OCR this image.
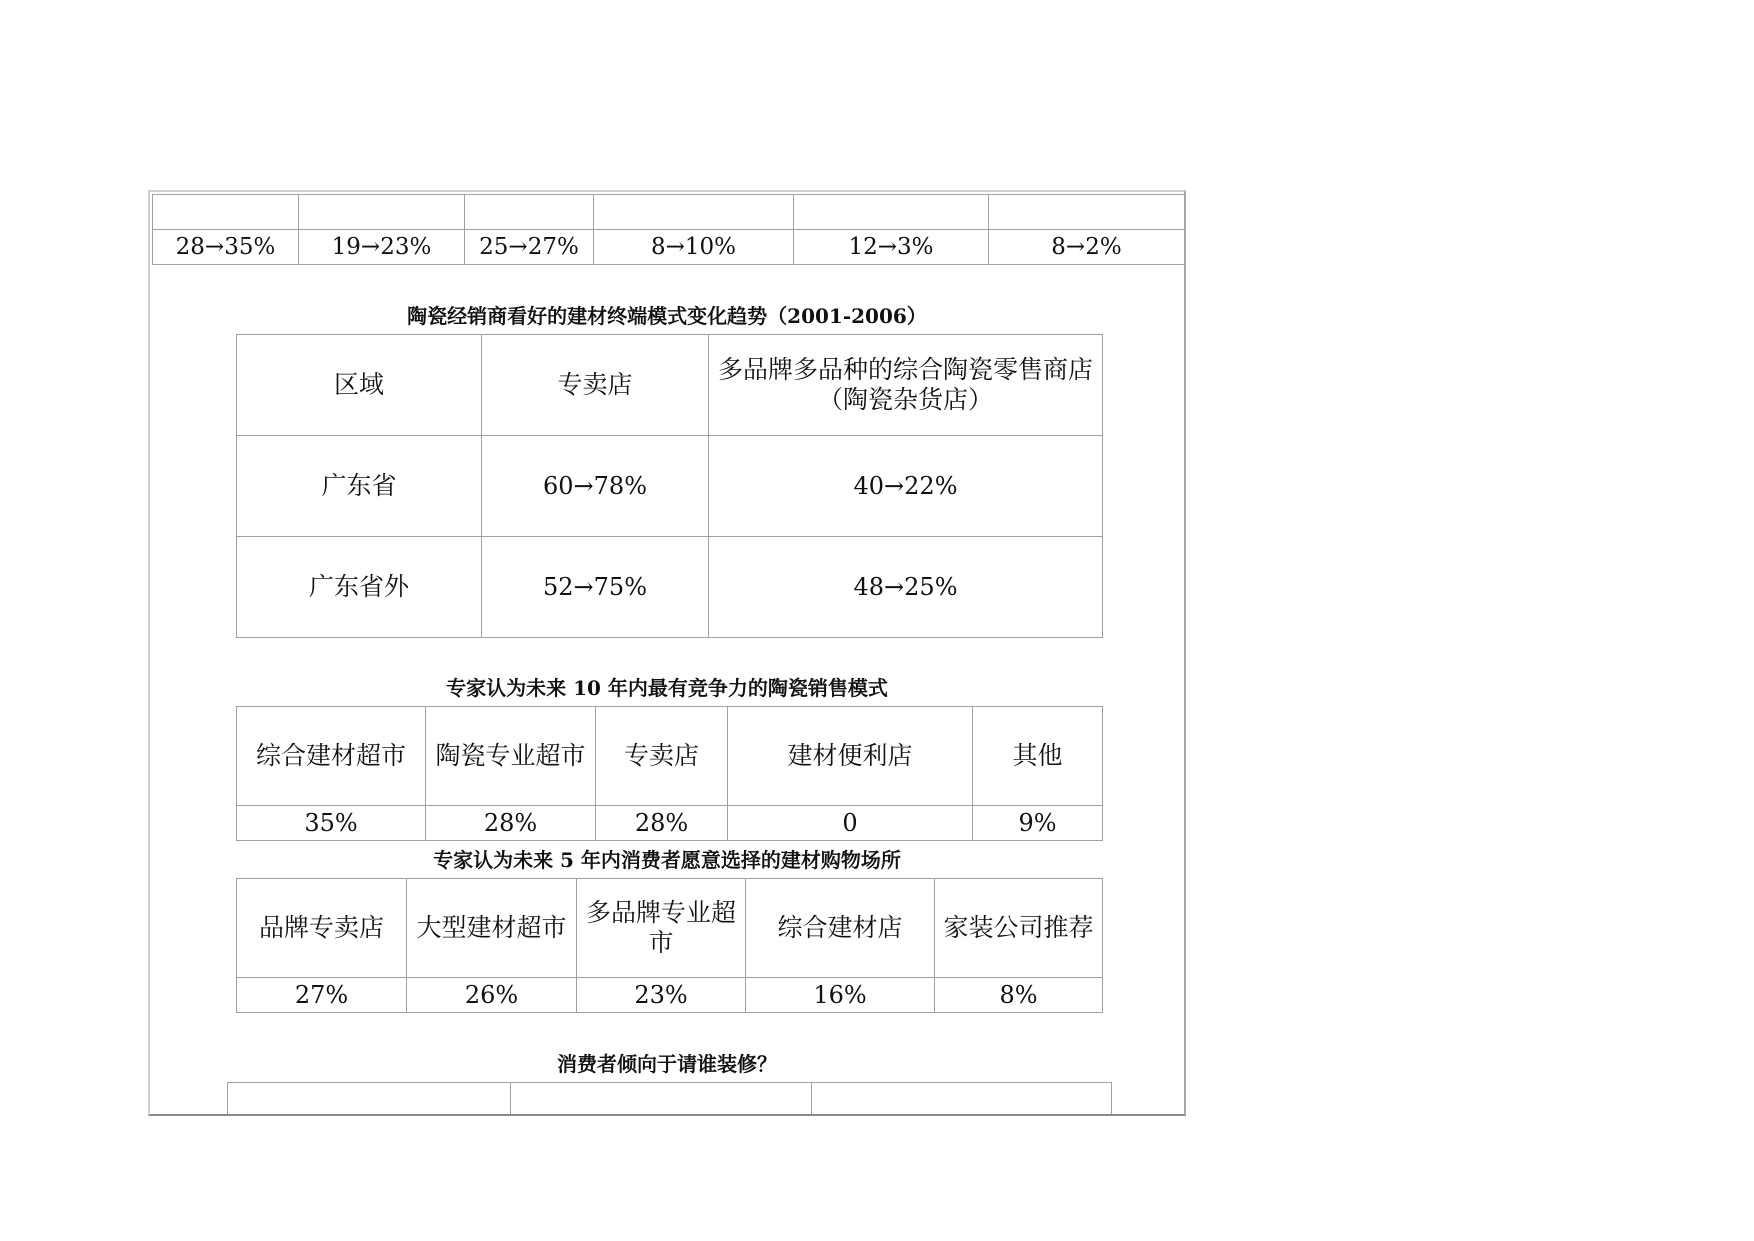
28→35%	19→23%	25→27%	8→10%	12→3%	8→2%
陶瓷经销商看好的建材终端模式变化趋势（2001-2006）
区域	专卖店	多品牌多品种的综合陶瓷零售商店（陶瓷杂货店）
广东省	60→78%	40→22%
广东省外	52→75%	48→25%
专家认为未来 10 年内最有竞争力的陶瓷销售模式
综合建材超市	陶瓷专业超市	专卖店	建材便利店	其他
35%	28%	28%	0	9%
专家认为未来 5 年内消费者愿意选择的建材购物场所
品牌专卖店	大型建材超市	多品牌专业超市	综合建材店	家装公司推荐
27%	26%	23%	16%	8%
消费者倾向于请谁装修？
